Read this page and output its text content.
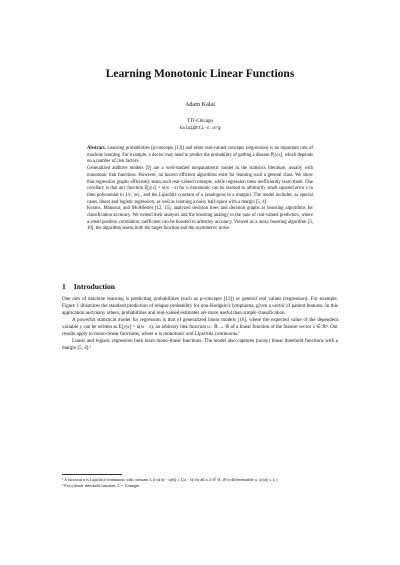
Learning Monotonic Linear Functions
Adam Kalai
TTI-Chicago
kalai@tti-c.org

Abstract. Learning probabilities (p-concepts [13]) and other real-valued concepts (regression) is an important role of machine learning. For example, a doctor may need to predict the probability of getting a disease P[y|x], which depends on a number of risk factors.

Generalized additive models [9] are a well-studied nonparametric model in the statistics literature, usually with monotonic link functions. However, no known efficient algorithms exist for learning such a general class. We show that regression graphs efficiently learn such real-valued concepts, while regression trees inefficiently learn them. One corollary is that any function E[y|x] = u(w · x) for u monotonic can be learned to arbitrarily small squared error ε in time polynomial in 1/ε, |w|₁, and the Lipschitz constant of u (analogous to a margin). The model includes, as special cases, linear and logistic regression, as well as learning a noisy half-space with a margin [5, 4].

Kearns, Mansour, and McAllester [12, 15], analyzed decision trees and decision graphs as boosting algorithms for classification accuracy. We extend their analysis and the boosting analogy to the case of real-valued predictors, where a small positive correlation coefficient can be boosted to arbitrary accuracy. Viewed as a noisy boosting algorithm [3, 10], the algorithm learns both the target function and the asymmetric noise.

1 Introduction

One aim of machine learning is predicting probabilities (such as p-concepts [13]) or general real values (regression). For example, Figure 1 illustrates the standard prediction of relapse probability for non-Hodgkin's lymphoma, given a vector of patient features. In this application and many others, probabilities and real-valued estimates are more useful than simple classification.

A powerful statistical model for regression is that of generalized linear models [16], where the expected value of the dependent variable y can be written as E[y|x] = u(w · x), an arbitrary link function u : ℝ → ℝ of a linear function of the feature vector x ∈ ℝⁿ. Our results apply to mono-linear functions, where u is monotonic and Lipschitz continuous.¹

Linear and logistic regression both learn mono-linear functions. The model also captures (noisy) linear threshold functions with a margin [5, 4].²

¹ A function u is Lipschitz continuous with constant L if |u(a) − u(b)| ≤ L|a − b| for all a, b ∈ ℝ. (For differentiable u, |u′(a)| ≤ L.)

² For a linear threshold function, L = 1/margin.
